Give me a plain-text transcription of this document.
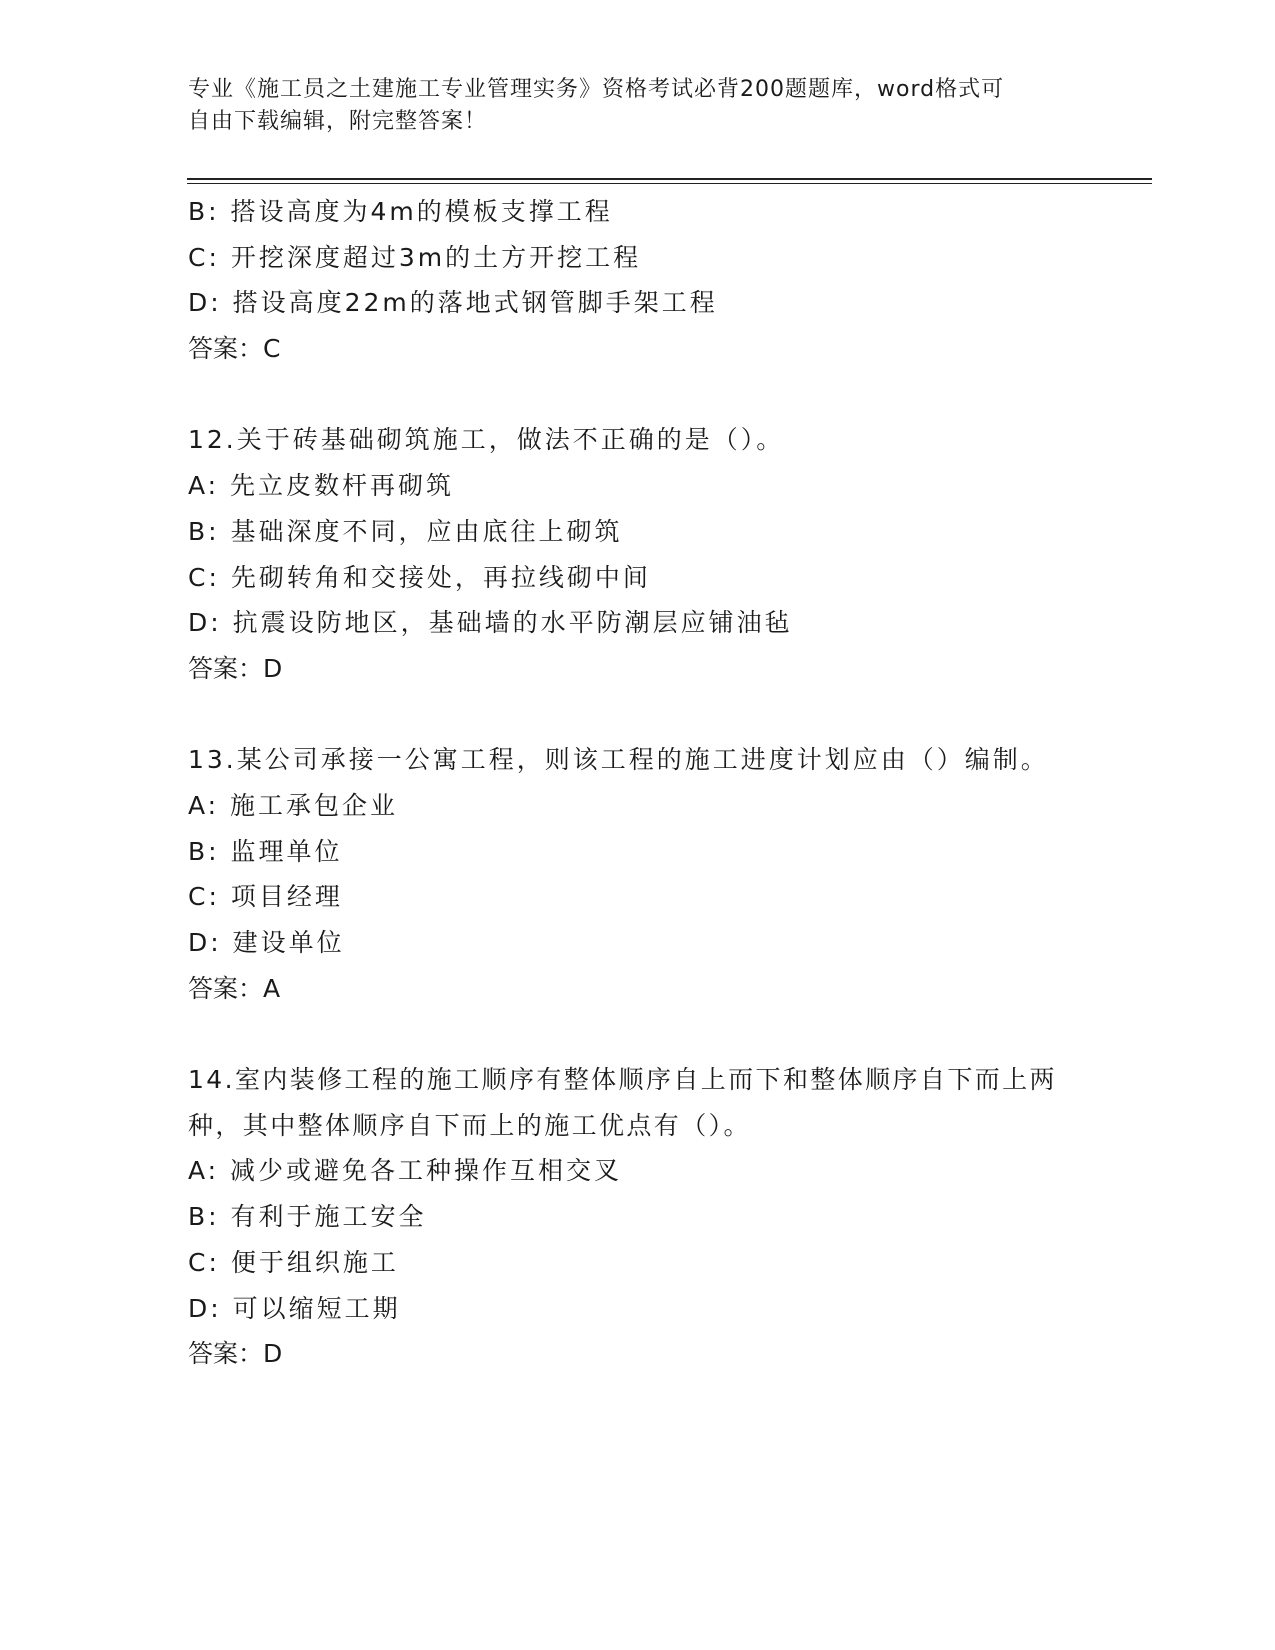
专业《施工员之土建施工专业管理实务》资格考试必背200题题库，word格式可
自由下载编辑，附完整答案！
B: 搭设高度为4m的模板支撑工程
C: 开挖深度超过3m的土方开挖工程
D: 搭设高度22m的落地式钢管脚手架工程
答案：C
12.关于砖基础砌筑施工，做法不正确的是（）。
A: 先立皮数杆再砌筑
B: 基础深度不同，应由底往上砌筑
C: 先砌转角和交接处，再拉线砌中间
D: 抗震设防地区，基础墙的水平防潮层应铺油毡
答案：D
13.某公司承接一公寓工程，则该工程的施工进度计划应由（）编制。
A: 施工承包企业
B: 监理单位
C: 项目经理
D: 建设单位
答案：A
14.室内装修工程的施工顺序有整体顺序自上而下和整体顺序自下而上两种，其中整体顺序自下而上的施工优点有（）。
A: 减少或避免各工种操作互相交叉
B: 有利于施工安全
C: 便于组织施工
D: 可以缩短工期
答案：D
